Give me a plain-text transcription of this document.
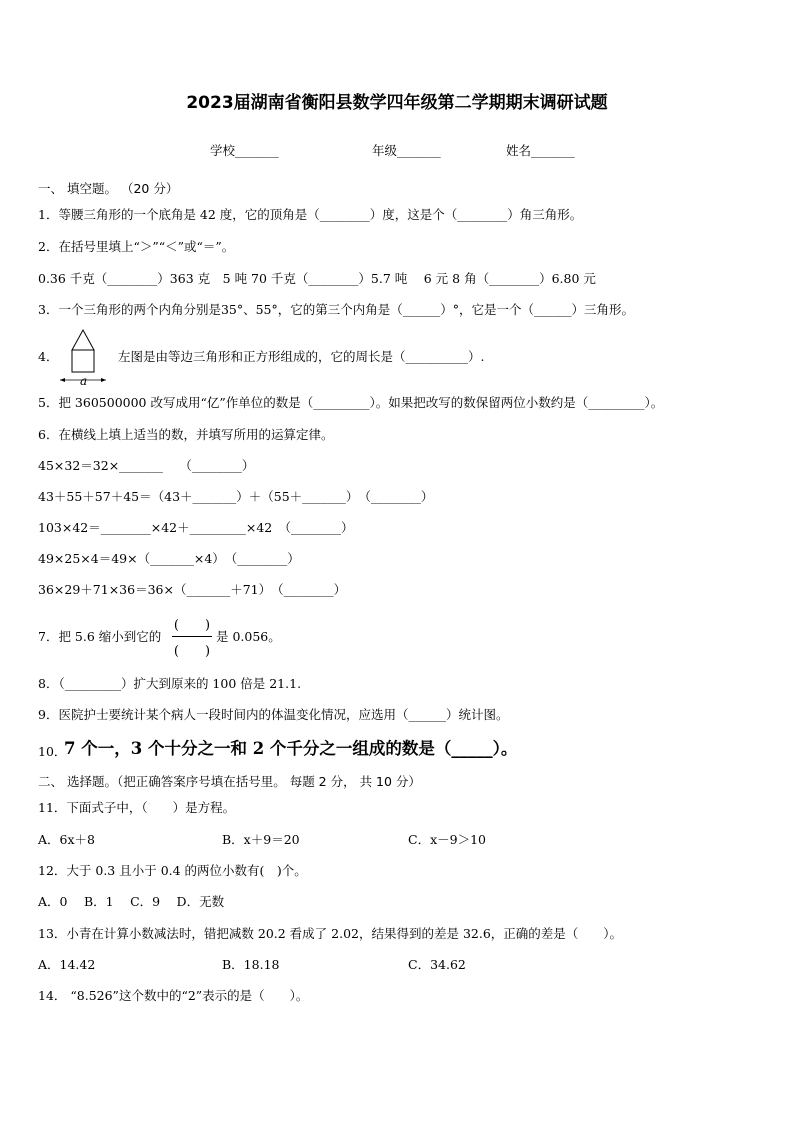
2023届湖南省衡阳县数学四年级第二学期期末调研试题
学校_______	年级_______	姓名_______
一、 填空题。 （20 分）
1．等腰三角形的一个底角是 42 度，它的顶角是（________）度，这是个（________）角三角形。
2．在括号里填上“＞”“＜”或“＝”。
0.36 千克（________）363 克　5 吨 70 千克（________）5.7 吨　 6 元 8 角（________）6.80 元
3．一个三角形的两个内角分别是35°、55°，它的第三个内角是（______）°，它是一个（______）三角形。
4．
a
左图是由等边三角形和正方形组成的，它的周长是（__________）.
5．把 360500000 改写成用“亿”作单位的数是（_________）。如果把改写的数保留两位小数约是（_________）。
6．在横线上填上适当的数，并填写所用的运算定律。
45×32＝32×_______　 （________）
43＋55＋57＋45＝（43＋_______）＋（55＋_______）　（________）
103×42＝________×42＋_________×42　（________）
49×25×4＝49×（_______×4）　（________）
36×29＋71×36＝36×（_______＋71）　（________）
7．把 5.6 缩小到它的
(　　)
(　　)
是 0.056。
8．（_________）扩大到原来的 100 倍是 21.1.
9．医院护士要统计某个病人一段时间内的体温变化情况，应选用（______）统计图。
10．
7 个一，3 个十分之一和 2 个千分之一组成的数是（_____）。
二、 选择题。（把正确答案序号填在括号里。 每题 2 分， 共 10 分）
11．下面式子中，（　　）是方程。
A．6x＋8	B．x＋9＝20	C．x－9＞10
12．大于 0.3 且小于 0.4 的两位小数有(　)个。
A．0　 B．1　 C．9　 D．无数
13．小青在计算小数减法时，错把减数 20.2 看成了 2.02，结果得到的差是 32.6，正确的差是（　　）。
A．14.42	B．18.18	C．34.62
14． “8.526”这个数中的“2”表示的是（　　）。
